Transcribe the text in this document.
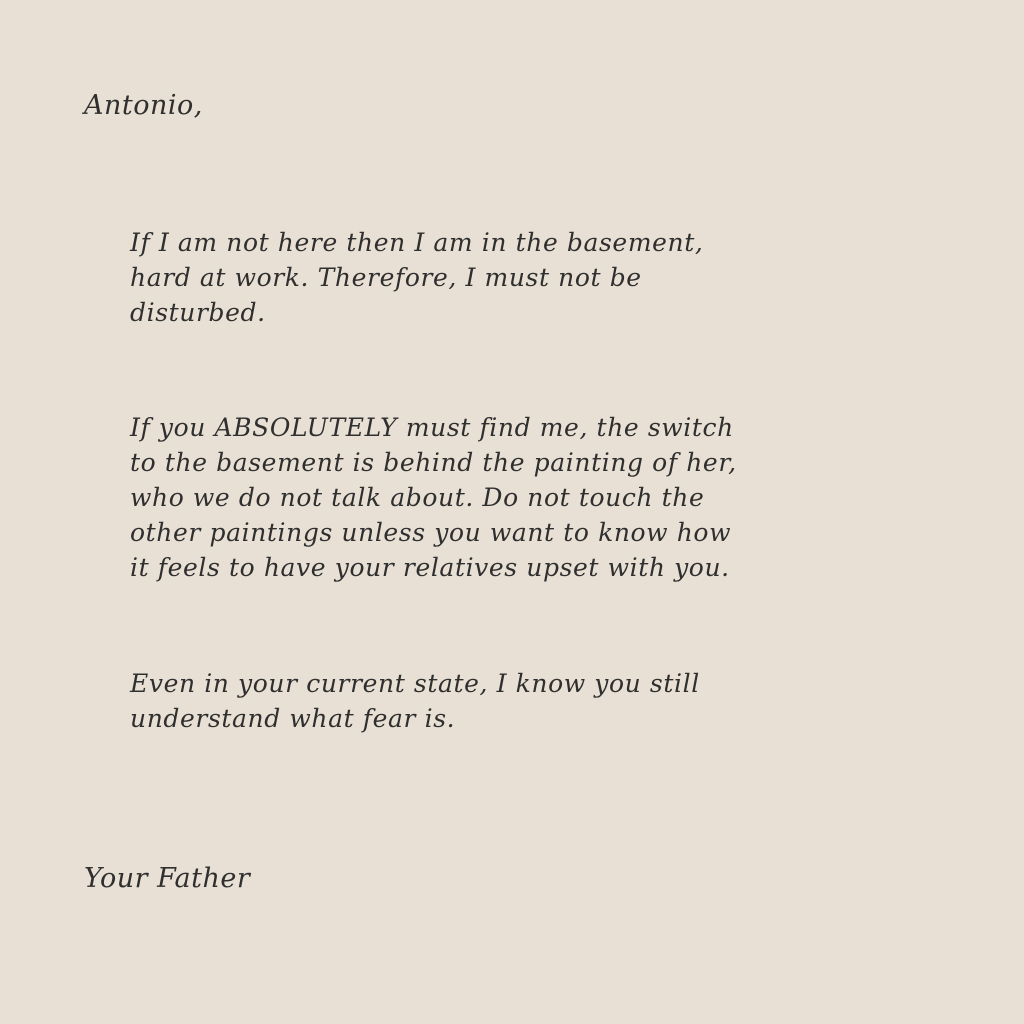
Antonio,

If I am not here then I am in the basement,
hard at work. Therefore, I must not be
disturbed.

If you ABSOLUTELY must find me, the switch
to the basement is behind the painting of her,
who we do not talk about. Do not touch the
other paintings unless you want to know how
it feels to have your relatives upset with you.

Even in your current state, I know you still
understand what fear is.

Your Father
